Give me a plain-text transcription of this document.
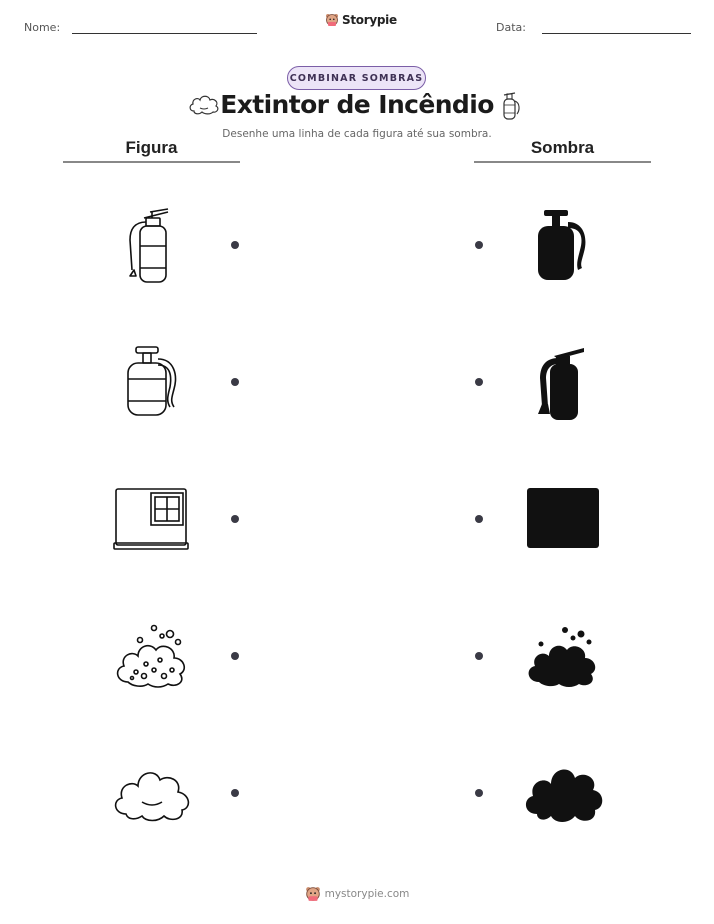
Nome:
Storypie
Data:
COMBINAR SOMBRAS
Extintor de Incêndio
Desenhe uma linha de cada figura até sua sombra.
Figura	Sombra
mystorypie.com
